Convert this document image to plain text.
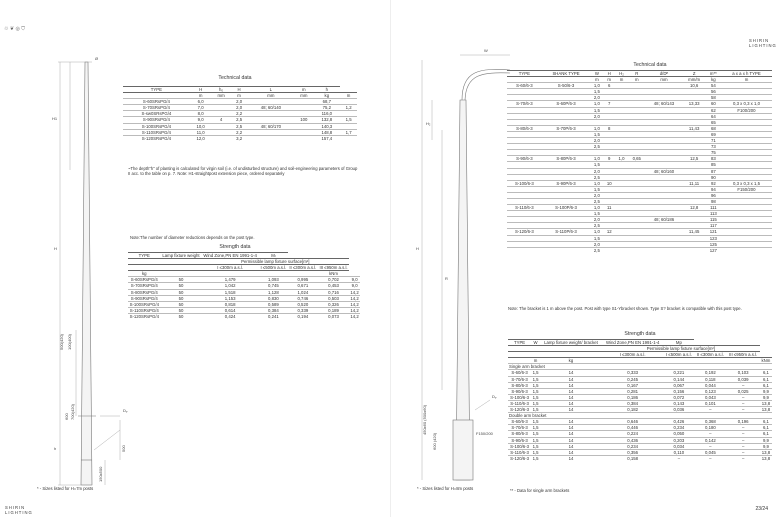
♲ ❦ ◎ ⛉
SHIRIN LIGHTING
SHIRIN LIGHTING
23/24
Ø
H1
H
500(420) 100(400)
600 700(420)	Dₚ
500
150x500
h
* - Sizes listed for H=7m posts
Technical data
TYPE	H	h₀	H	L	m	h	
	m	mm	m	mm	mm	kg	m
S-60SRsPG/4	6,0		2,0			68,7	
S-70SRsPG/4	7,0		2,0	48; 60/140		75,2	1,2
S-sw0SRsPG/4	8,0		2,2			116,0	
S-90SRsPG/4	9,0	4	2,5		100	132,8	1,5
S-100SRsPG/4	10,0		2,5	48; 60/170		140,3	
S-110SRsPG/4	11,0		2,2			148,8	1,7
S-120SRsPG/4	12,0		3,2			157,4	
~The depth"h" of planting is calculated for virgin soil (i.e. of undisturbed structure) and soil-engineering parameters of Group II acc. to the table on p. 7. Note: H1-straightpost extension piece, ordered separately
Note:The number of diameter reductions depends on the post type.
Strength data
TYPE	Lamp fixture weight	Wind Zone,PN EN 1991-1-4	Mₗ			
		Permissible lamp fixture surface[m²]				
		I ≤300m a.s.l.	I ≤500m a.s.l.	II ≤300m a.s.l.	III ≤950m a.s.l.	
kg					kNm	
S-60SRsPG/4	50	1,479	1,093	0,995	0,702	9,0
S-70SRsPG/4	50	1,042	0,745	0,671	0,453	9,0
S-80SRsPG/4	50	1,518	1,128	1,024	0,716	14,2
S-90SRsPG/4	50	1,153	0,830	0,746	0,503	14,2
S-100SRsPG/4	50	0,818	0,589	0,520	0,326	14,2
S-110SRsPG/4	50	0,614	0,384	0,339	0,189	14,2
S-120SRsPG/4	50	0,424	0,241	0,194	0,073	14,2
W
H₂
H
R
450x60 (500x60)
600 (420)
Dₚ
F150/200
* - Sizes listed for H=8m posts
Technical data
TYPE	SHANK TYPE	W	H	H₂	R	d/Dᴱ	Z	m**	a x a x h TYPE
		m	m	m	m	mm	mm/m	kg	m
S-60/6-3	S-50/6-3	1,0	6				10,6	54	
		1,5						56	
		2,0						58	
S-70/6-3	S-60P/6-3	1,0	7			48; 60/143	13,33	60	0,3 x 0,3 x 1,0
		1,5						62	F100/200
		2,0						64	
								65	
S-80/6-3	S-70P/6-3	1,0	8				11,43	68	
		1,5						69	
		2,0						71	
		2,5						73	
								75	
S-90/6-3	S-80P/6-3	1,0	9	1,0	0,65		12,5	83	
		1,5						85	
		2,0				48; 60/160		87	
		2,5						90	
S-100/6-3	S-90P/6-3	1,0	10				11,11	92	0,3 x 0,3 x 1,5
		1,5						94	F150/200
		2,0						96	
		2,5						98	
S-110/6-3	S-100P/6-3	1,0	11				12,8	111	
		1,5						113	
		2,0				48; 60/186		115	
		2,5						117	
S-120/6-3	S-110P/6-3	1,0	12				11,45	121	
		1,5						123	
		2,0						125	
		2,5						127	
Note: The bracket is 1 m above the post. Post with type S1-Ybracket shown. Type S? bracket is compatible with this post type.
Strength data
TYPE	W	Lamp fixture weight/ bracket	Wind Zone,PN EN 1991-1-4	Mp			
			Permissible lamp fixture surface[m²]				
			I ≤300m a.s.l.	I ≤500m a.s.l.	II ≤300m a.s.l.	III ≤950m a.s.l.	
	m	kg					kNm
Single arm bracket							
S-60/6-3	1,5	14	0,333	0,221	0,192	0,103	6,1
S-70/6-3	1,5	14	0,245	0,144	0,118	0,039	6,1
S-80/6-3	1,5	14	0,167	0,067	0,044	–	6,1
S-90/6-3	1,5	14	0,281	0,156	0,123	0,025	9,9
S-100/6-3	1,5	14	0,186	0,072	0,043	–	9,9
S-110/6-3	1,5	14	0,384	0,143	0,101	–	13,8
S-120/6-3	1,5	14	0,182	0,036	–	–	13,8
Double arm bracket							
S-60/6-3	1,5	14	0,646	0,426	0,368	0,196	6,1
S-70/6-3	1,5	14	0,446	0,234	0,180	–	6,1
S-80/6-3	1,5	14	0,224	0,050	–	–	6,1
S-90/6-3	1,5	14	0,436	0,203	0,142	–	9,9
S-100/6-3	1,5	14	0,234	0,034	–	–	9,9
S-110/6-3	1,5	14	0,356	0,110	0,045	–	13,8
S-120/6-3	1,5	14	0,158	–	–	–	13,8
** - Data for single arm brackets
